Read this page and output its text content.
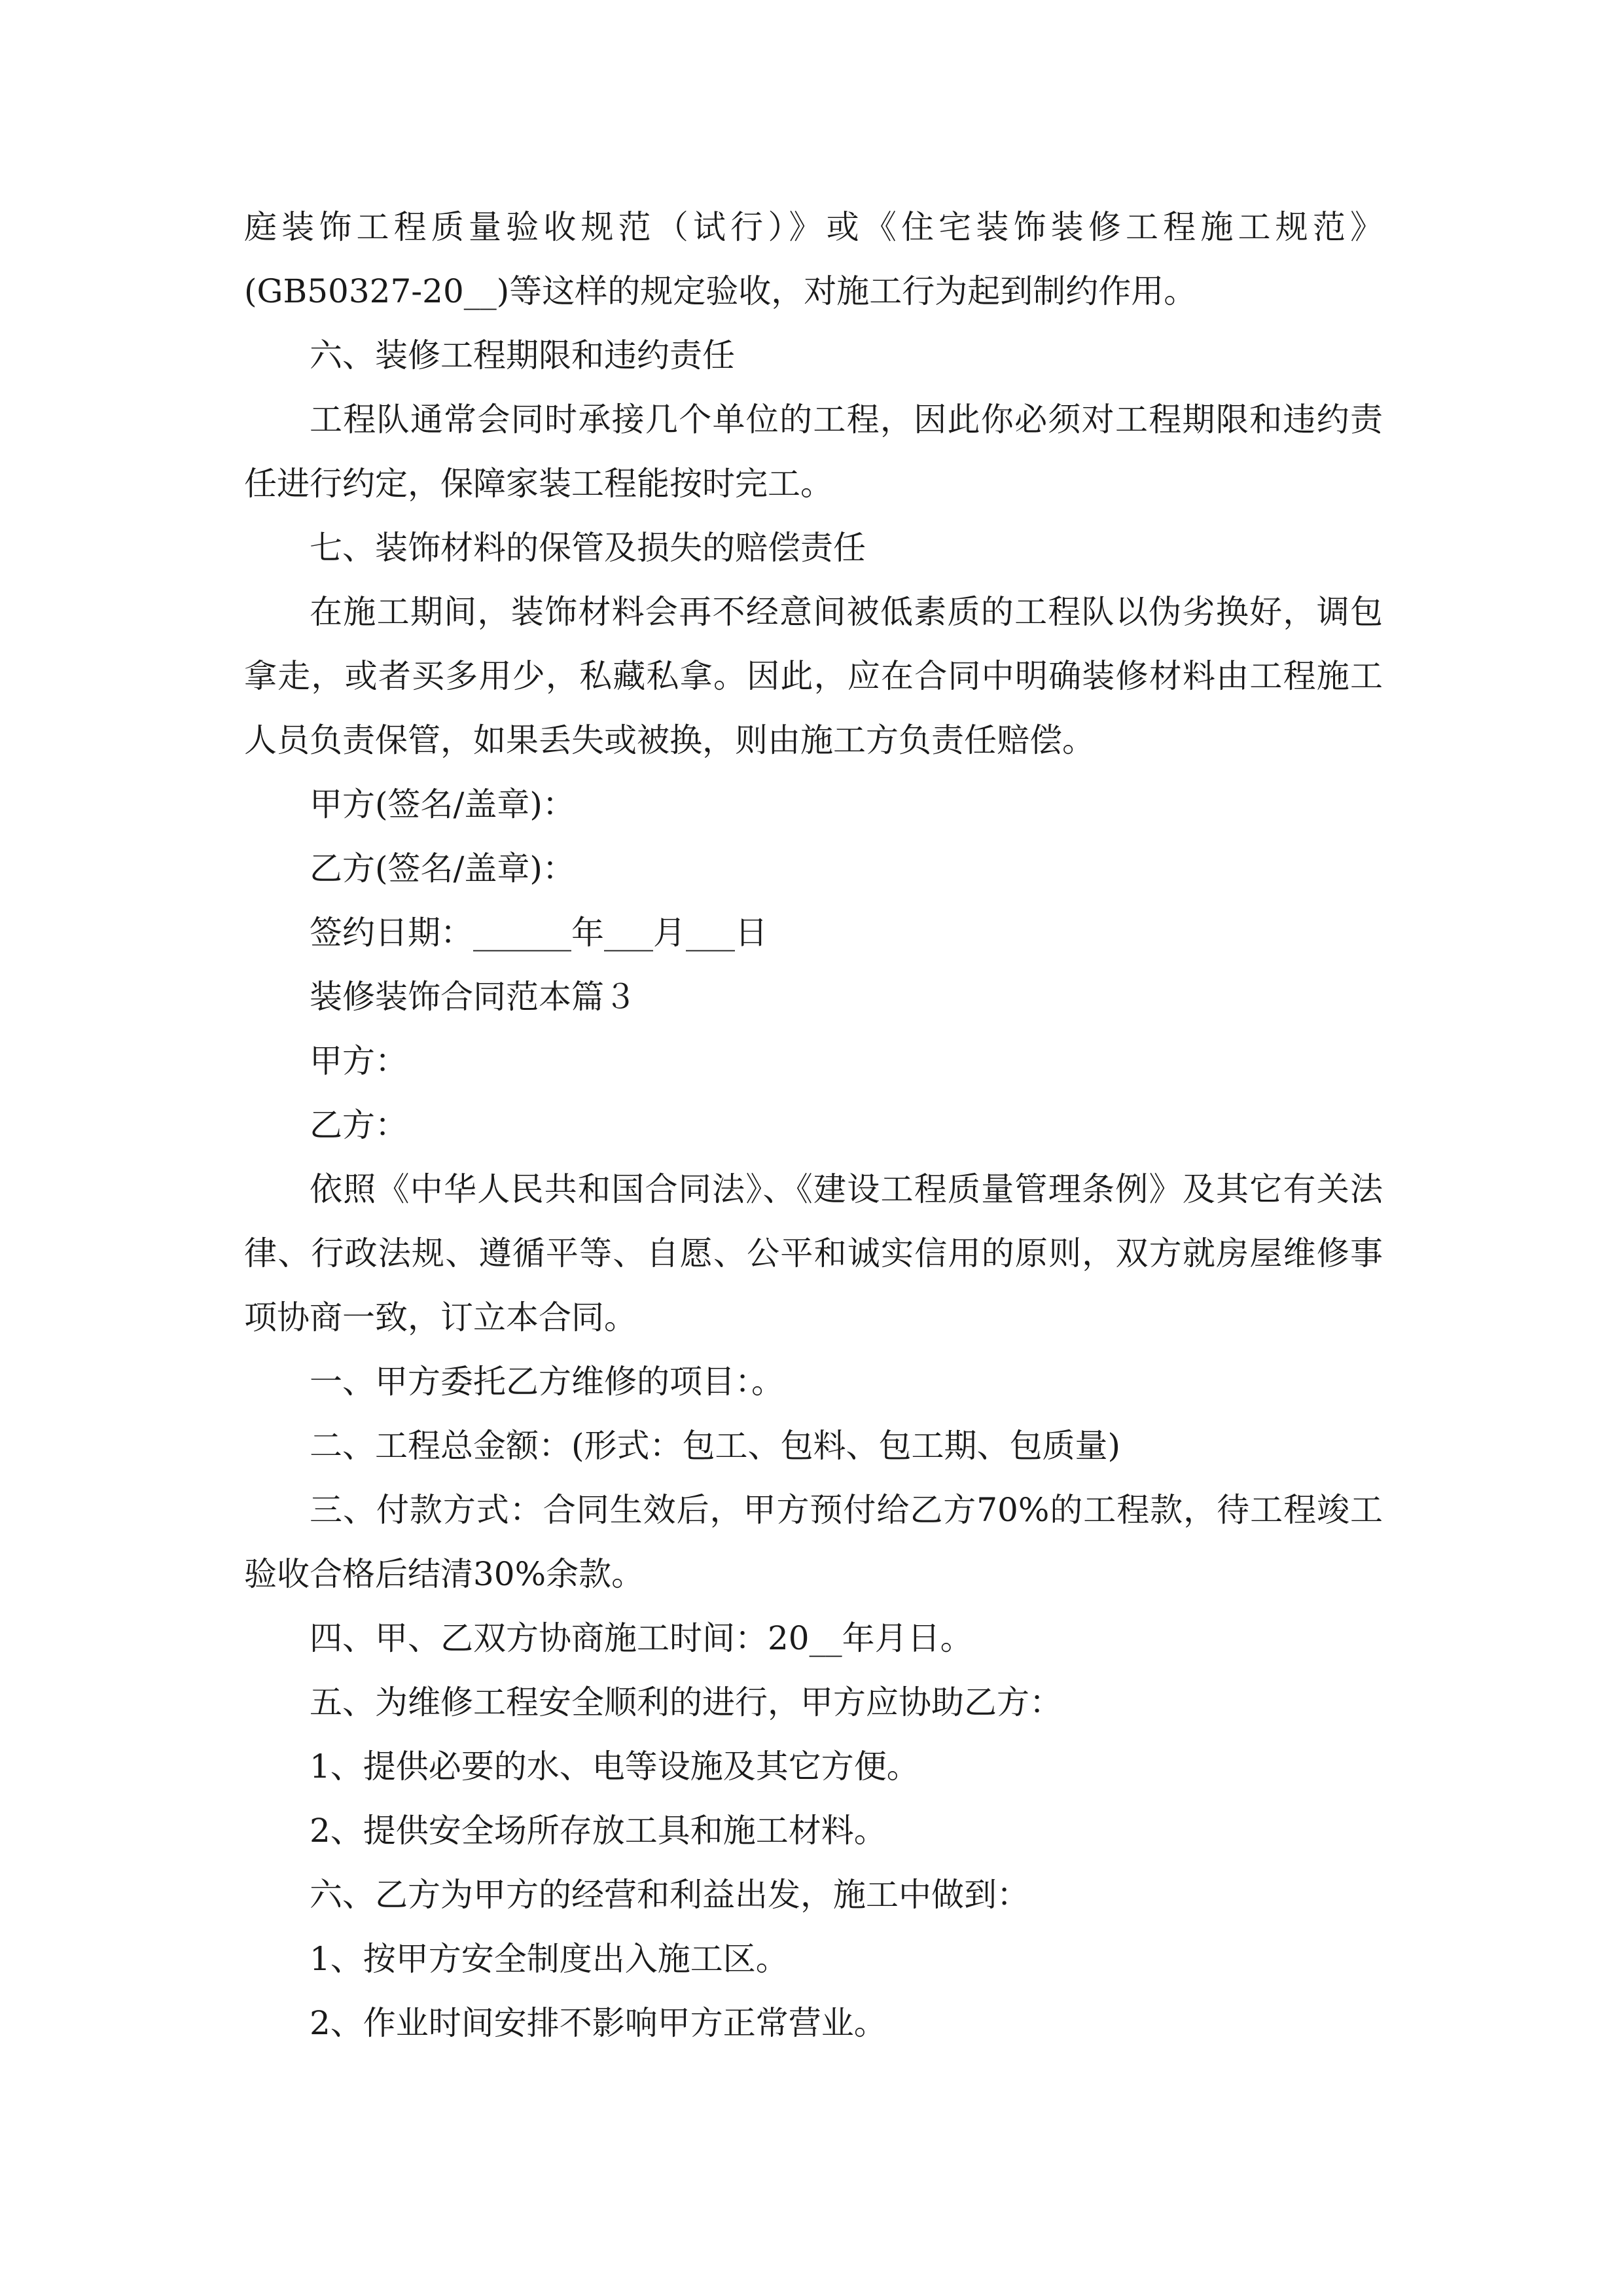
庭装饰工程质量验收规范（试行）》或《住宅装饰装修工程施工规范》(GB50327-20__)等这样的规定验收，对施工行为起到制约作用。

六、装修工程期限和违约责任

工程队通常会同时承接几个单位的工程，因此你必须对工程期限和违约责任进行约定，保障家装工程能按时完工。

七、装饰材料的保管及损失的赔偿责任

在施工期间，装饰材料会再不经意间被低素质的工程队以伪劣换好，调包拿走，或者买多用少，私藏私拿。因此，应在合同中明确装修材料由工程施工人员负责保管，如果丢失或被换，则由施工方负责任赔偿。

甲方(签名/盖章)：

乙方(签名/盖章)：

签约日期：______年___月___日

装修装饰合同范本篇３

甲方：

乙方：

依照《中华人民共和国合同法》、《建设工程质量管理条例》及其它有关法律、行政法规、遵循平等、自愿、公平和诚实信用的原则，双方就房屋维修事项协商一致，订立本合同。

一、甲方委托乙方维修的项目：。

二、工程总金额：(形式：包工、包料、包工期、包质量)

三、付款方式：合同生效后，甲方预付给乙方70%的工程款，待工程竣工验收合格后结清30%余款。

四、甲、乙双方协商施工时间：20__年月日。

五、为维修工程安全顺利的进行，甲方应协助乙方：

1、提供必要的水、电等设施及其它方便。

2、提供安全场所存放工具和施工材料。

六、乙方为甲方的经营和利益出发，施工中做到：

1、按甲方安全制度出入施工区。

2、作业时间安排不影响甲方正常营业。
